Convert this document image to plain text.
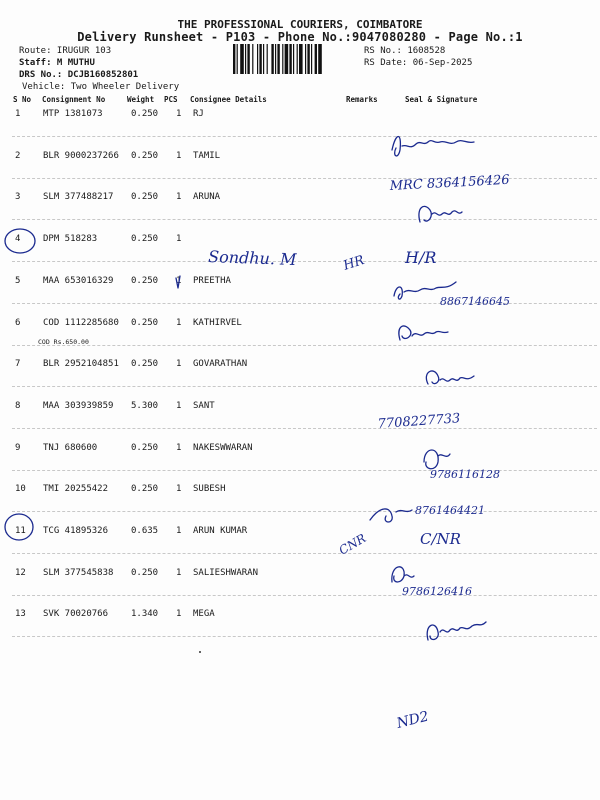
THE PROFESSIONAL COURIERS, COIMBATORE
Delivery Runsheet - P103 - Phone No.:9047080280 - Page No.:1
Route: IRUGUR 103
Staff: M MUTHU
DRS No.: DCJB160852801
Vehicle: Two Wheeler Delivery
RS No.: 1608528
RS Date: 06-Sep-2025
S No Consignment No	Weight PCS Consignee Details	Remarks	Seal & Signature
1	MTP 1381073	0.250 1 RJ
2	BLR 9000237266 0.250 1 TAMIL
3	SLM 377488217 0.250 1 ARUNA
4	DPM 518283	0.250 1
5	MAA 653016329 0.250 1 PREETHA
6	COD 1112285680 0.250 1 KATHIRVEL
7	BLR 2952104851 0.250 1 GOVARATHAN
8	MAA 303939859 5.300 1 SANT
9	TNJ 680600	0.250 1 NAKESWWARAN
10 TMI 20255422	0.250 1 SUBESH
11 TCG 41895326	0.635 1 ARUN KUMAR
12 SLM 377545838 0.250 1 SALIESHWARAN
13 SVK 70020766	1.340 1 MEGA
COD Rs.650.00
MRC 8364156426
Sondhu. M	HR H/R
8867146645
7708227733
9786116128
8761464421
CNR	C/NR
9786126416
ND2
